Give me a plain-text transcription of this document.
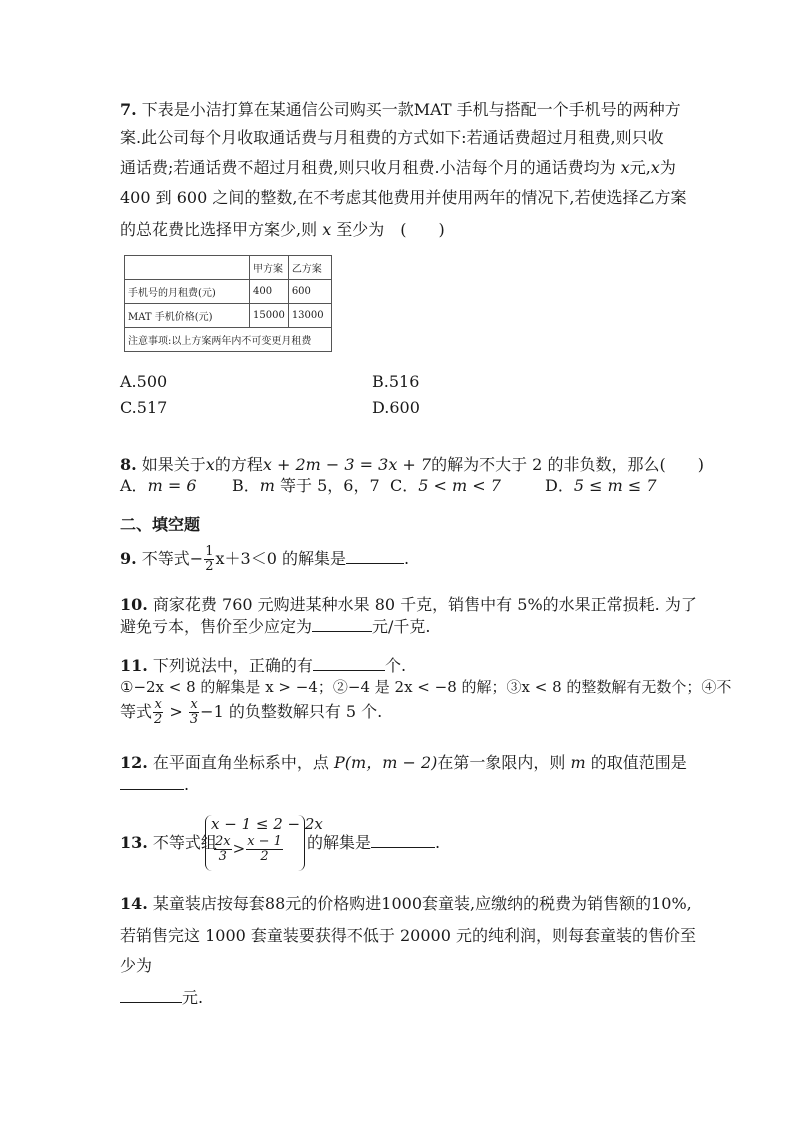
7. 下表是小洁打算在某通信公司购买一款MAT 手机与搭配一个手机号的两种方
案.此公司每个月收取通话费与月租费的方式如下:若通话费超过月租费,则只收
通话费;若通话费不超过月租费,则只收月租费.小洁每个月的通话费均为 x元,x为
400 到 600 之间的整数,在不考虑其他费用并使用两年的情况下,若使选择乙方案
的总花费比选择甲方案少,则 x 至少为　(　　)
	甲方案	乙方案
手机号的月租费(元)	400	600
MAT 手机价格(元)	15000	13000
注意事项:以上方案两年内不可变更月租费		
A.500	B.516
C.517	D.600
8. 如果关于x的方程x + 2m − 3 = 3x + 7的解为不大于 2 的非负数，那么(　　)
A．m = 6 B．m 等于 5，6，7 C．5 < m < 7	D．5 ≤ m ≤ 7
二、填空题
9. 不等式− $\frac{1}{2} x+3<0$ 的解集是	.
10. 商家花费 760 元购进某种水果 80 千克，销售中有 5%的水果正常损耗. 为了
避免亏本，售价至少应定为	元/千克.
11. 下列说法中，正确的有	个.
①−2x < 8 的解集是 x > −4；②−4 是 2x < −8 的解；③x < 8 的整数解有无数个；④不
等式 $\frac{x}{2} > \frac{x}{3} -1$ 的负整数解只有 5 个.
12. 在平面直角坐标系中，点 P(m，m − 2)在第一象限内，则 m 的取值范围是
.
13. 不等式组
x − 1 ≤ 2 − 2x
$\frac{2x}{3} > \frac{x - 1}{2}$ 的解集是	.
14. 某童装店按每套88元的价格购进1000套童装,应缴纳的税费为销售额的10%,
若销售完这 1000 套童装要获得不低于 20000 元的纯利润，则每套童装的售价至
少为
元.
